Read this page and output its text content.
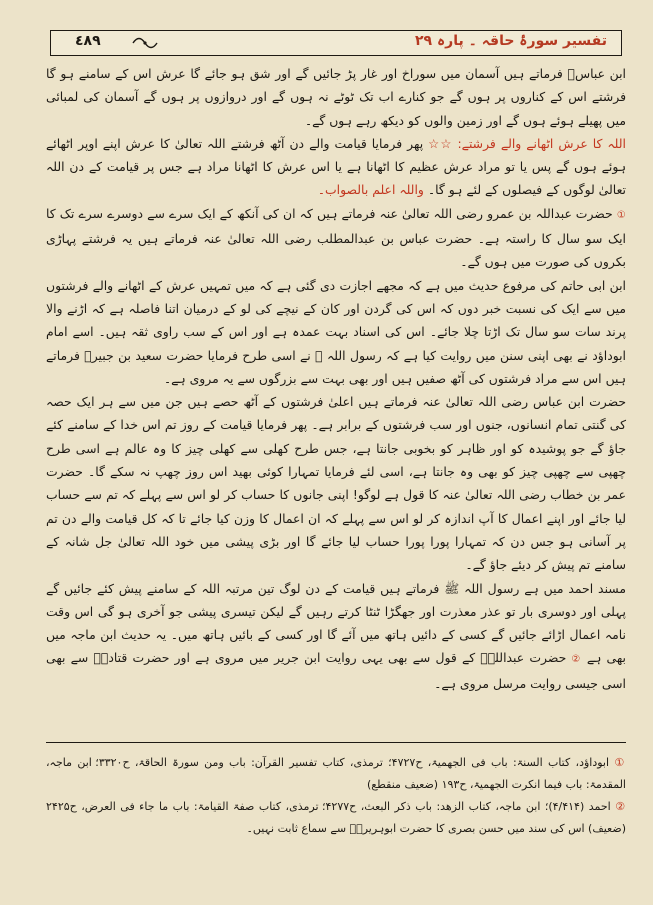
تفسیر سورۂ حاقہ ۔ پارہ ۲۹
٤٨٩

ابن عباسؓ فرماتے ہیں آسمان میں سوراخ اور غار پڑ جائیں گے اور شق ہو جائے گا عرش اس کے سامنے ہو گا فرشتے اس کے کناروں پر ہوں گے جو کنارے اب تک ٹوٹے نہ ہوں گے اور دروازوں پر ہوں گے آسمان کی لمبائی میں پھیلے ہوئے ہوں گے اور زمین والوں کو دیکھ رہے ہوں گے۔

اللہ کا عرش اٹھانے والے فرشتے: ☆☆ پھر فرمایا قیامت والے دن آٹھ فرشتے اللہ تعالیٰ کا عرش اپنے اوپر اٹھائے ہوئے ہوں گے پس یا تو مراد عرش عظیم کا اٹھانا ہے یا اس عرش کا اٹھانا مراد ہے جس پر قیامت کے دن اللہ تعالیٰ لوگوں کے فیصلوں کے لئے ہو گا۔ واللہ اعلم بالصواب۔

① حضرت عبداللہ بن عمرو رضی اللہ تعالیٰ عنہ فرماتے ہیں کہ ان کی آنکھ کے ایک سرے سے دوسرے سرے تک کا ایک سو سال کا راستہ ہے۔ حضرت عباس بن عبدالمطلب رضی اللہ تعالیٰ عنہ فرماتے ہیں یہ فرشتے پہاڑی بکروں کی صورت میں ہوں گے۔

ابن ابی حاتم کی مرفوع حدیث میں ہے کہ مجھے اجازت دی گئی ہے کہ میں تمہیں عرش کے اٹھانے والے فرشتوں میں سے ایک کی نسبت خبر دوں کہ اس کی گردن اور کان کے نیچے کی لو کے درمیان اتنا فاصلہ ہے کہ اڑنے والا پرند سات سو سال تک اڑتا چلا جائے۔ اس کی اسناد بہت عمدہ ہے اور اس کے سب راوی ثقہ ہیں۔ اسے امام ابوداؤد نے بھی اپنی سنن میں روایت کیا ہے کہ رسول اللہ ﷺ نے اسی طرح فرمایا حضرت سعید بن جبیرؒ فرماتے ہیں اس سے مراد فرشتوں کی آٹھ صفیں ہیں اور بھی بہت سے بزرگوں سے یہ مروی ہے۔

حضرت ابن عباس رضی اللہ تعالیٰ عنہ فرماتے ہیں اعلیٰ فرشتوں کے آٹھ حصے ہیں جن میں سے ہر ایک حصہ کی گنتی تمام انسانوں، جنوں اور سب فرشتوں کے برابر ہے۔ پھر فرمایا قیامت کے روز تم اس خدا کے سامنے کئے جاؤ گے جو پوشیدہ کو اور ظاہر کو بخوبی جانتا ہے، جس طرح کھلی سے کھلی چیز کا وہ عالم ہے اسی طرح چھپی سے چھپی چیز کو بھی وہ جانتا ہے، اسی لئے فرمایا تمہارا کوئی بھید اس روز چھپ نہ سکے گا۔ حضرت عمر بن خطاب رضی اللہ تعالیٰ عنہ کا قول ہے لوگو! اپنی جانوں کا حساب کر لو اس سے پہلے کہ تم سے حساب لیا جائے اور اپنے اعمال کا آپ اندازہ کر لو اس سے پہلے کہ ان اعمال کا وزن کیا جائے تا کہ کل قیامت والے دن تم پر آسانی ہو جس دن کہ تمہارا پورا پورا حساب لیا جائے گا اور بڑی پیشی میں خود اللہ تعالیٰ جل شانہ کے سامنے تم پیش کر دیئے جاؤ گے۔

مسند احمد میں ہے رسول اللہ ﷺ فرماتے ہیں قیامت کے دن لوگ تین مرتبہ اللہ کے سامنے پیش کئے جائیں گے پہلی اور دوسری بار تو عذر معذرت اور جھگڑا ٹنٹا کرتے رہیں گے لیکن تیسری پیشی جو آخری ہو گی اس وقت نامہ اعمال اڑائے جائیں گے کسی کے دائیں ہاتھ میں آئے گا اور کسی کے بائیں ہاتھ میں۔ یہ حدیث ابن ماجہ میں بھی ہے ② حضرت عبداللہؓ کے قول سے بھی یہی روایت ابن جریر میں مروی ہے اور حضرت قتادہؒ سے بھی اسی جیسی روایت مرسل مروی ہے۔

① ابوداؤد، کتاب السنۃ: باب فی الجھمیۃ، ح۴۷۲۷؛ ترمذی، کتاب تفسیر القرآن: باب ومن سورۃ الحاقۃ، ح۳۳۲۰؛ ابن ماجہ، المقدمۃ: باب فیما انکرت الجھمیۃ، ح۱۹۳ (ضعیف منقطع)

② احمد (۴/۴۱۴)؛ ابن ماجہ، کتاب الزھد: باب ذکر البعث، ح۴۲۷۷؛ ترمذی، کتاب صفۃ القیامۃ: باب ما جاء فی العرض، ح۲۴۲۵ (ضعیف) اس کی سند میں حسن بصری کا حضرت ابوہریرہؓ سے سماع ثابت نہیں۔
